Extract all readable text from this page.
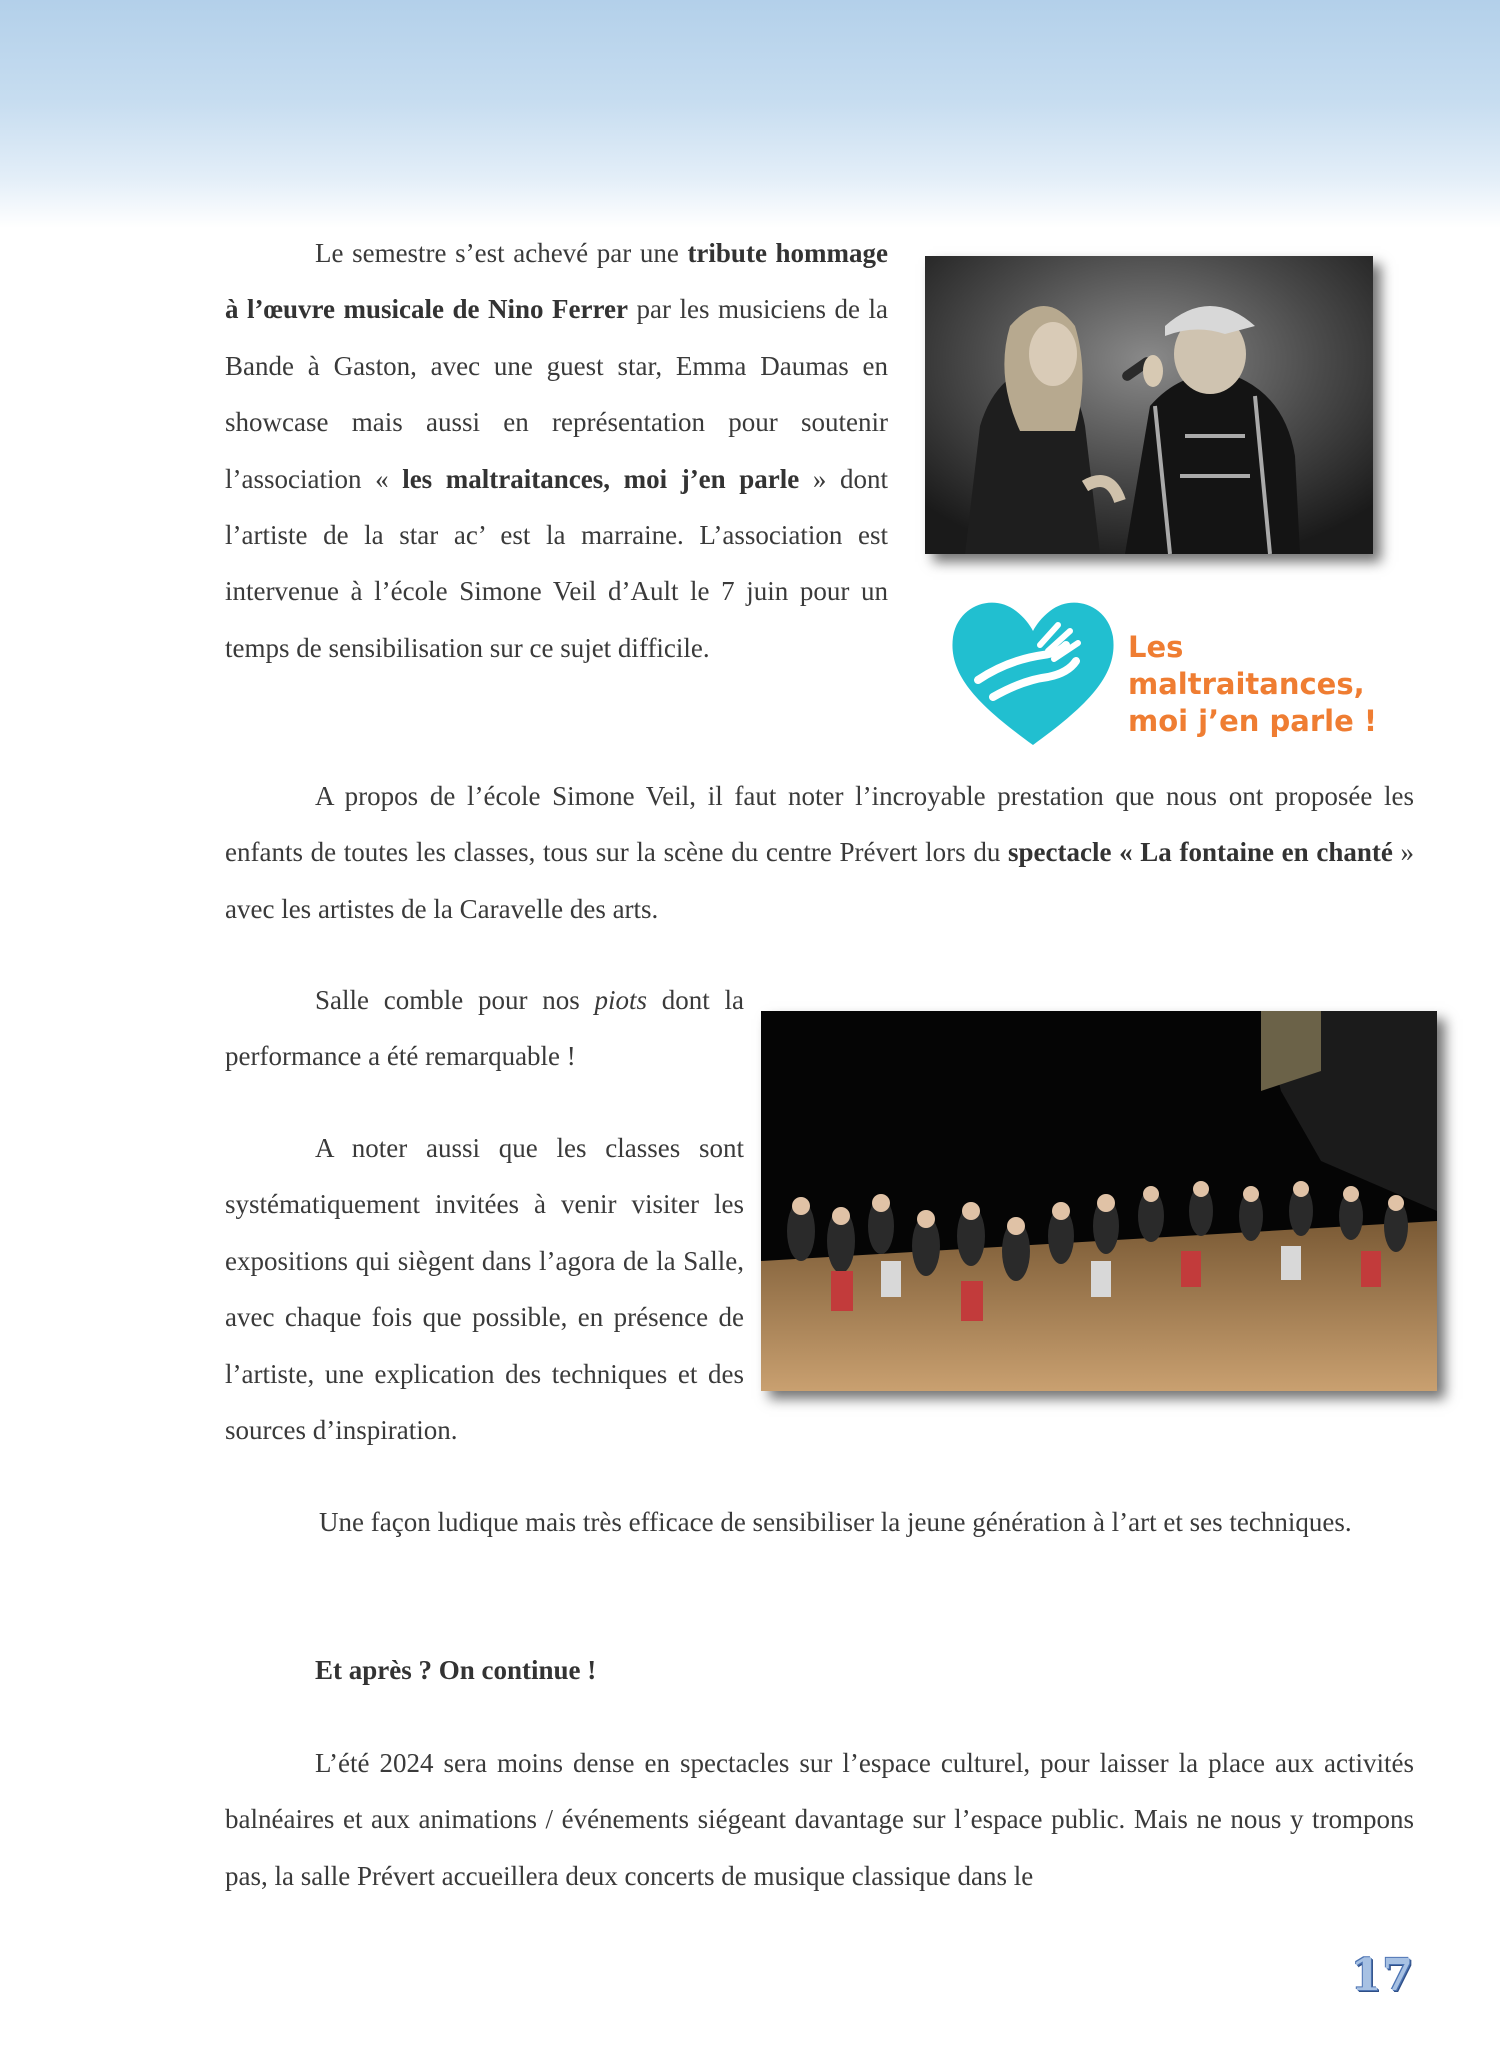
Le semestre s’est achevé par une tribute hommage à l’œuvre musicale de Nino Ferrer par les musiciens de la Bande à Gaston, avec une guest star, Emma Daumas en showcase mais aussi en représentation pour soutenir l’association « les maltraitances, moi j’en parle » dont l’artiste de la star ac’ est la marraine. L’association est intervenue à l’école Simone Veil d’Ault le 7 juin pour un temps de sensibilisation sur ce sujet difficile.	Les maltraitances,
moi j’en parle !

A propos de l’école Simone Veil, il faut noter l’incroyable prestation que nous ont proposée les enfants de toutes les classes, tous sur la scène du centre Prévert lors du spectacle « La fontaine en chanté » avec les artistes de la Caravelle des arts.

Salle comble pour nos piots dont la performance a été remarquable !

A noter aussi que les classes sont systématiquement invitées à venir visiter les expositions qui siègent dans l’agora de la Salle, avec chaque fois que possible, en présence de l’artiste, une explication des techniques et des sources d’inspiration.

Une façon ludique mais très efficace de sensibiliser la jeune génération à l’art et ses techniques.

Et après ? On continue !

L’été 2024 sera moins dense en spectacles sur l’espace culturel, pour laisser la place aux activités balnéaires et aux animations / événements siégeant davantage sur l’espace public. Mais ne nous y trompons pas, la salle Prévert accueillera deux concerts de musique classique dans le

17
